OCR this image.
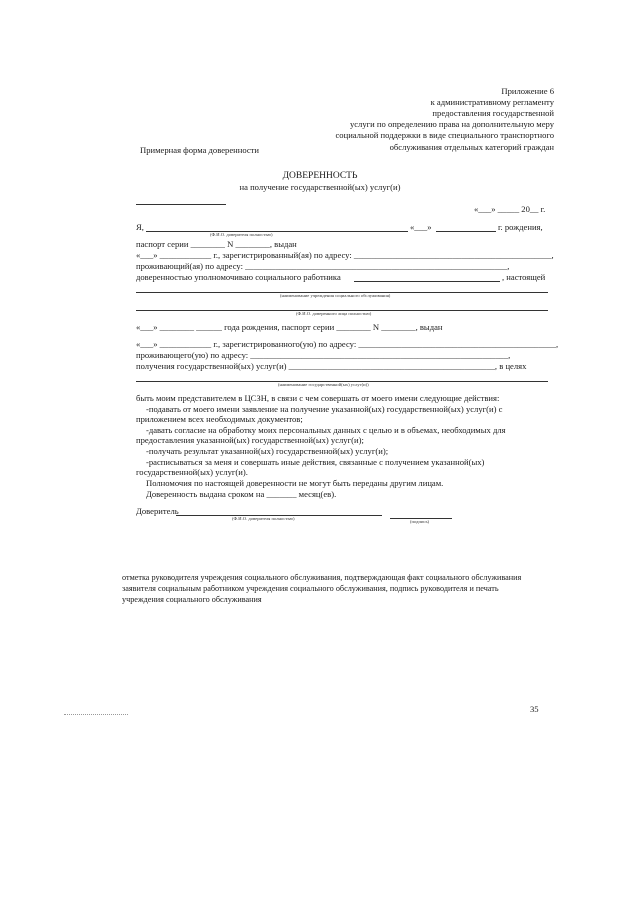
Приложение 6
к административному регламенту
предоставления государственной
услуги по определению права на дополнительную меру
социальной поддержки в виде специального транспортного
обслуживания отдельных категорий граждан
Примерная форма доверенности
ДОВЕРЕННОСТЬ
на получение государственной(ых) услуг(и)
«___» _____ 20__ г.
Я,	«___»	г. рождения,
(Ф.И.О. доверителя полностью)
паспорт серии ________ N ________, выдан
«___» ____________ г., зарегистрированный(ая) по адресу: ______________________________________________,
проживающий(ая) по адресу: _____________________________________________________________,
доверенностью уполномочиваю социального работника	, настоящей
(наименование учреждения социального обслуживания)
(Ф.И.О. доверенного лица полностью)
«___» ________ ______ года рождения, паспорт серии ________ N ________, выдан
«___» ____________ г., зарегистрированного(ую) по адресу: ______________________________________________,
проживающего(ую) по адресу: ____________________________________________________________,
получения государственной(ых) услуг(и) ________________________________________________, в целях
(наименование государственной(ых) услуг(и))
быть моим представителем в ЦСЗН, в связи с чем совершать от моего имени следующие действия:
-подавать от моего имени заявление на получение указанной(ых) государственной(ых) услуг(и) с
приложением всех необходимых документов;
-давать согласие на обработку моих персональных данных с целью и в объемах, необходимых для
предоставления указанной(ых) государственной(ых) услуг(и);
-получать результат указанной(ых) государственной(ых) услуг(и);
-расписываться за меня и совершать иные действия, связанные с получением указанной(ых)
государственной(ых) услуг(и).
Полномочия по настоящей доверенности не могут быть переданы другим лицам.
Доверенность выдана сроком на _______ месяц(ев).
Доверитель
(Ф.И.О. доверителя полностью)
(подпись)
отметка руководителя учреждения социального обслуживания, подтверждающая факт социального обслуживания
заявителя социальным работником учреждения социального обслуживания, подпись руководителя и печать
учреждения социального обслуживания
35
